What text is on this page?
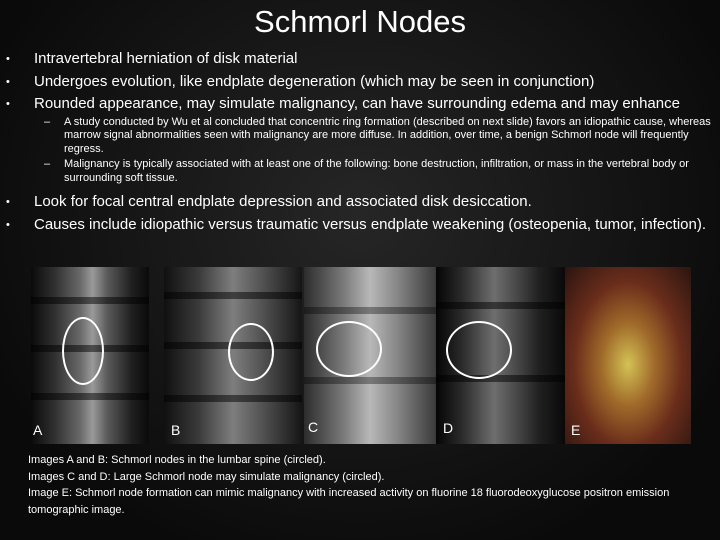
Schmorl Nodes
• Intravertebral herniation of disk material
• Undergoes evolution, like endplate degeneration (which may be seen in conjunction)
• Rounded appearance, may simulate malignancy, can have surrounding edema and may enhance
– A study conducted by Wu et al concluded that concentric ring formation (described on next slide) favors an idiopathic cause, whereas marrow signal abnormalities seen with malignancy are more diffuse. In addition, over time, a benign Schmorl node will frequently regress.
– Malignancy is typically associated with at least one of the following: bone destruction, infiltration, or mass in the vertebral body or surrounding soft tissue.
• Look for focal central endplate depression and associated disk desiccation.
• Causes include idiopathic versus traumatic versus endplate weakening (osteopenia, tumor, infection).
A	B	C	D	E
Images A and B: Schmorl nodes in the lumbar spine (circled).
Images C and D: Large Schmorl node may simulate malignancy (circled).
Image E: Schmorl node formation can mimic malignancy with increased activity on fluorine 18 fluorodeoxyglucose positron emission tomographic image.
